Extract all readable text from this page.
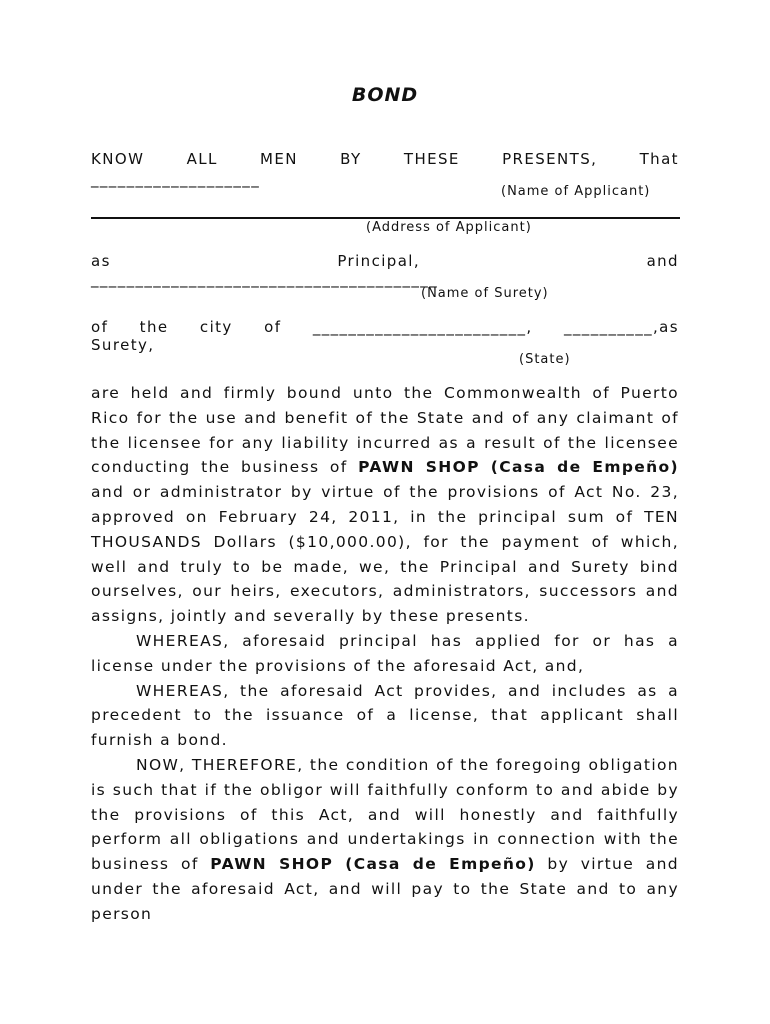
BOND
KNOW	ALL	MEN	BY	THESE	PRESENTS,	That
___________________
(Name of Applicant)
(Address of Applicant)
as	Principal,	and
_______________________________________
(Name of Surety)
of the city of ________________________, __________,as
Surety,
(State)

are held and firmly bound unto the Commonwealth of Puerto Rico for the use and benefit of the State and of any claimant of the licensee for any liability incurred as a result of the licensee conducting the business of PAWN SHOP (Casa de Empeño) and or administrator by virtue of the provisions of Act No. 23, approved on February 24, 2011, in the principal sum of TEN THOUSANDS Dollars ($10,000.00), for the payment of which, well and truly to be made, we, the Principal and Surety bind ourselves, our heirs, executors, administrators, successors and assigns, jointly and severally by these presents.

WHEREAS, aforesaid principal has applied for or has a license under the provisions of the aforesaid Act, and,

WHEREAS, the aforesaid Act provides, and includes as a precedent to the issuance of a license, that applicant shall furnish a bond.

NOW, THEREFORE, the condition of the foregoing obligation is such that if the obligor will faithfully conform to and abide by the provisions of this Act, and will honestly and faithfully perform all obligations and undertakings in connection with the business of PAWN SHOP (Casa de Empeño) by virtue and under the aforesaid Act, and will pay to the State and to any person
